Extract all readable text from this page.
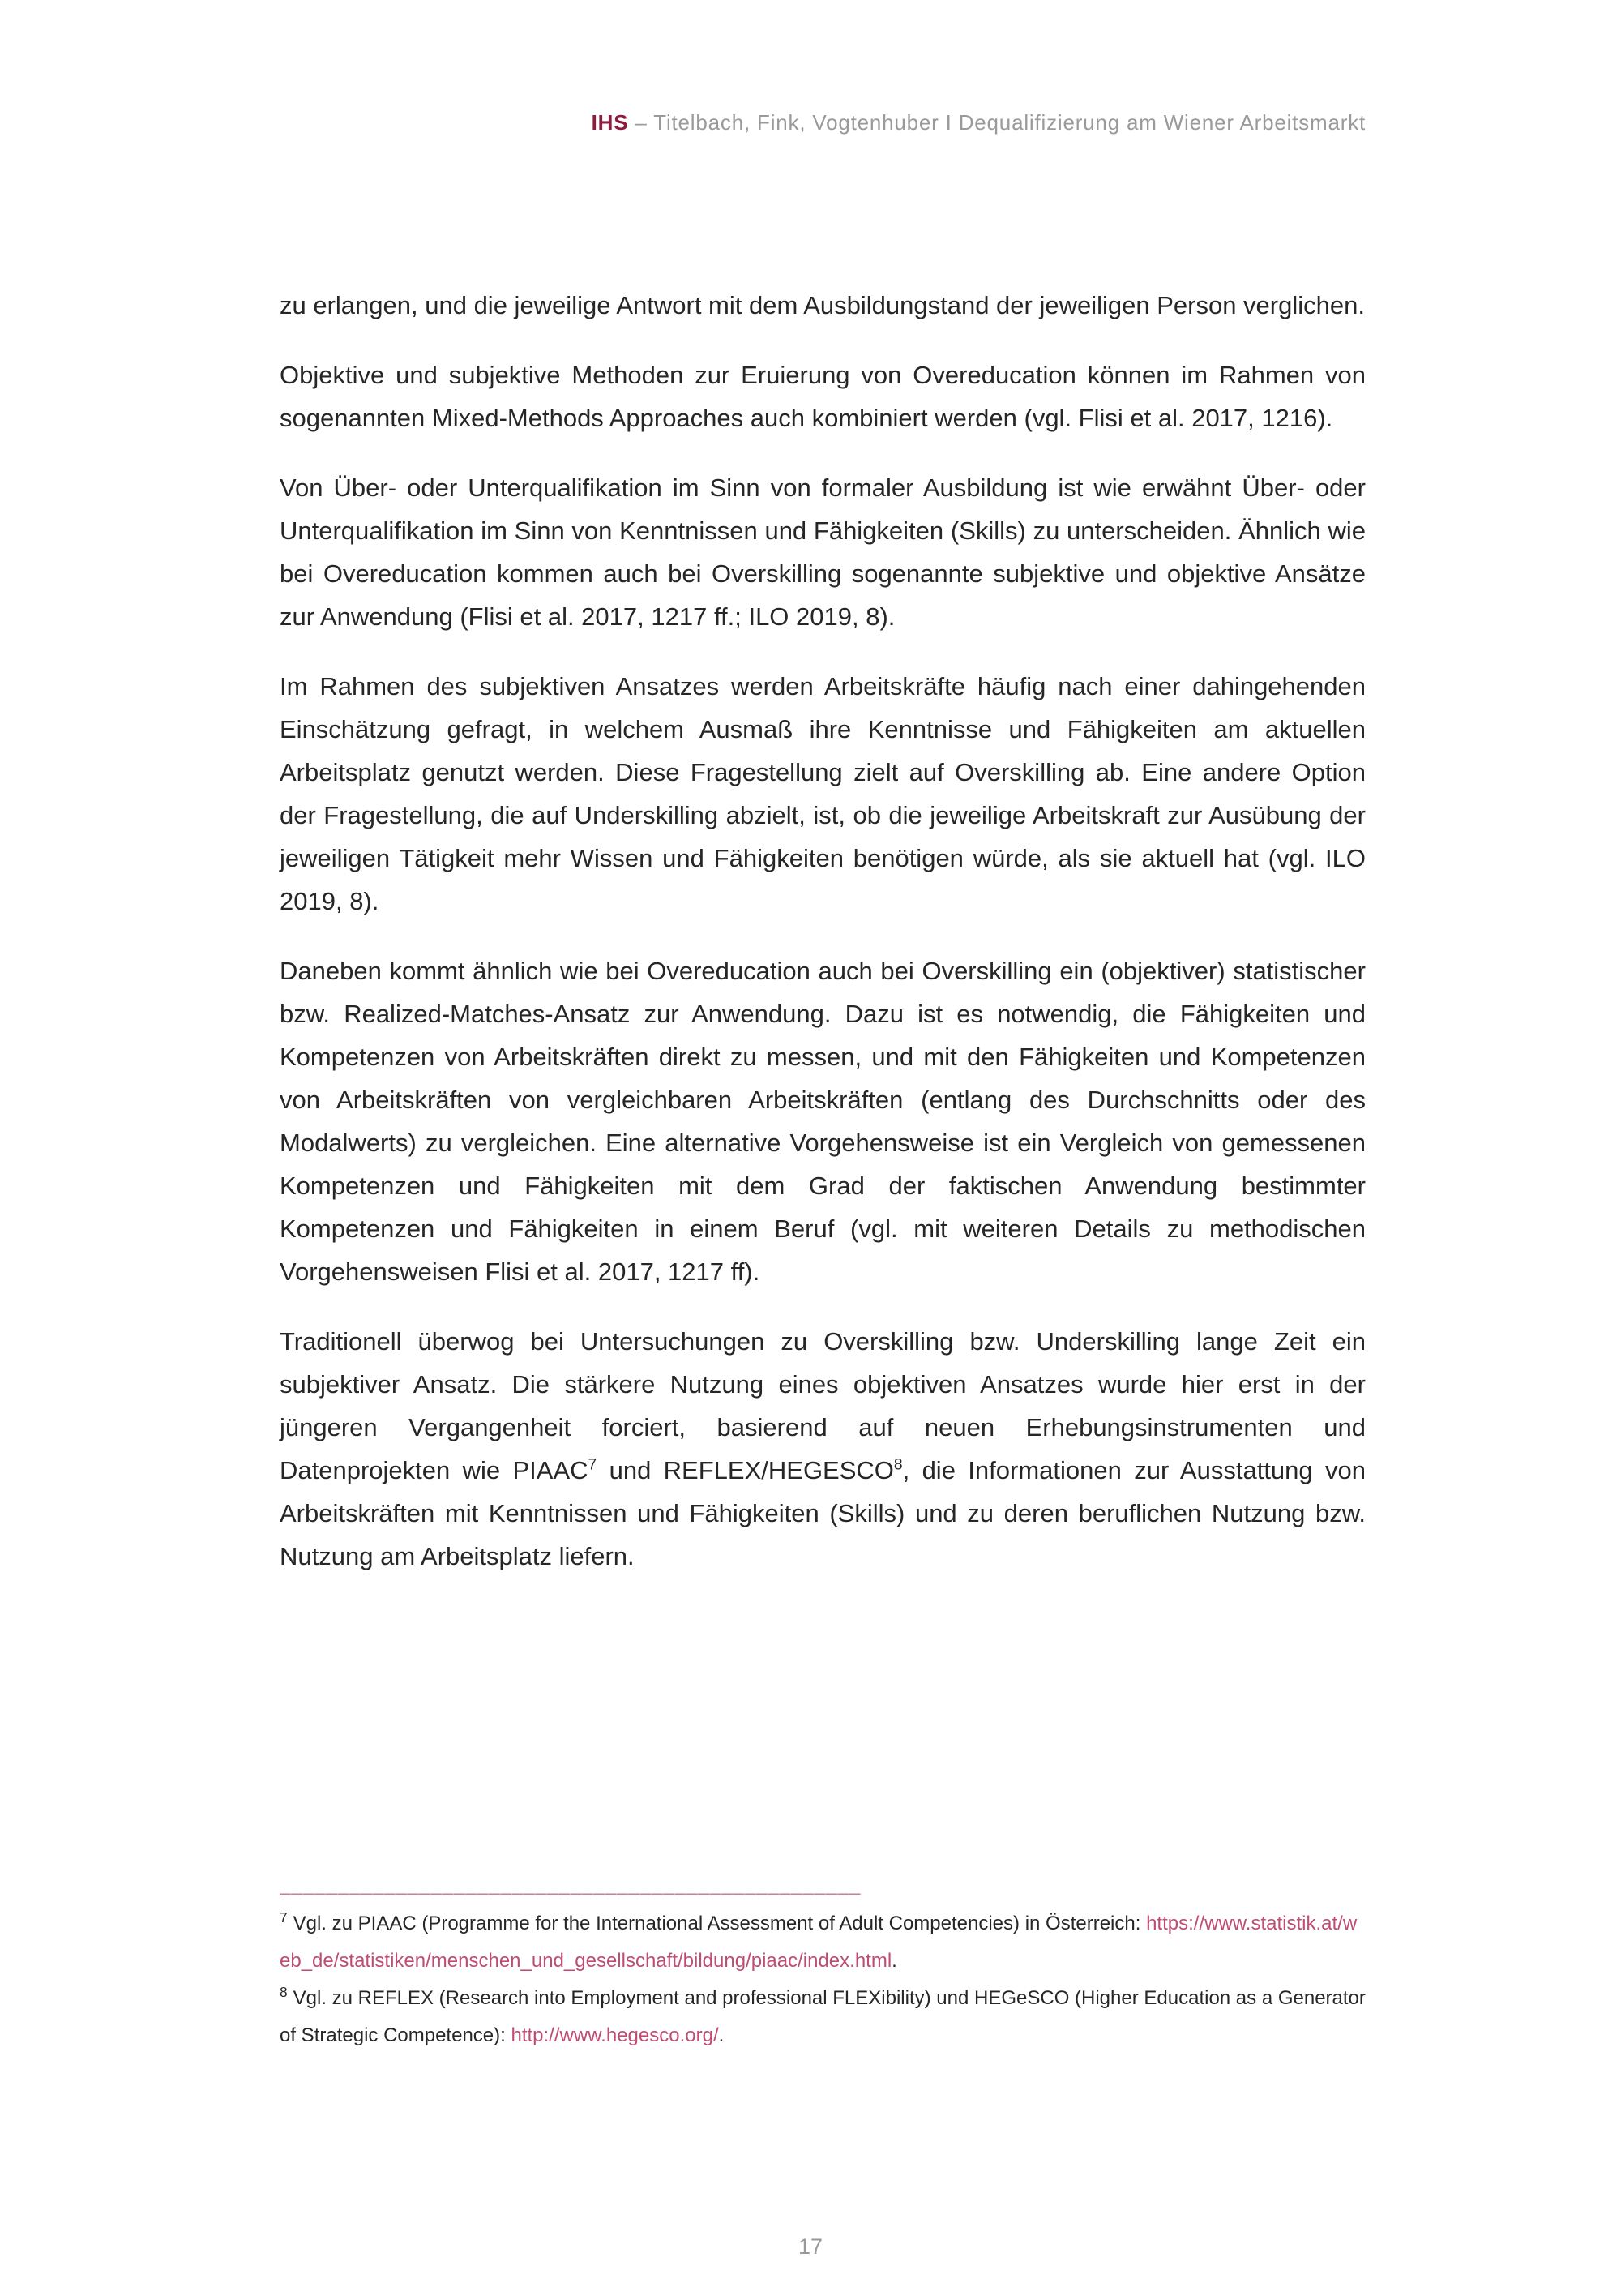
IHS – Titelbach, Fink, Vogtenhuber I Dequalifizierung am Wiener Arbeitsmarkt

zu erlangen, und die jeweilige Antwort mit dem Ausbildungstand der jeweiligen Person verglichen.

Objektive und subjektive Methoden zur Eruierung von Overeducation können im Rahmen von sogenannten Mixed-Methods Approaches auch kombiniert werden (vgl. Flisi et al. 2017, 1216).

Von Über- oder Unterqualifikation im Sinn von formaler Ausbildung ist wie erwähnt Über- oder Unterqualifikation im Sinn von Kenntnissen und Fähigkeiten (Skills) zu unterscheiden. Ähnlich wie bei Overeducation kommen auch bei Overskilling sogenannte subjektive und objektive Ansätze zur Anwendung (Flisi et al. 2017, 1217 ff.; ILO 2019, 8).

Im Rahmen des subjektiven Ansatzes werden Arbeitskräfte häufig nach einer dahingehenden Einschätzung gefragt, in welchem Ausmaß ihre Kenntnisse und Fähigkeiten am aktuellen Arbeitsplatz genutzt werden. Diese Fragestellung zielt auf Overskilling ab. Eine andere Option der Fragestellung, die auf Underskilling abzielt, ist, ob die jeweilige Arbeitskraft zur Ausübung der jeweiligen Tätigkeit mehr Wissen und Fähigkeiten benötigen würde, als sie aktuell hat (vgl. ILO 2019, 8).

Daneben kommt ähnlich wie bei Overeducation auch bei Overskilling ein (objektiver) statistischer bzw. Realized-Matches-Ansatz zur Anwendung. Dazu ist es notwendig, die Fähigkeiten und Kompetenzen von Arbeitskräften direkt zu messen, und mit den Fähigkeiten und Kompetenzen von Arbeitskräften von vergleichbaren Arbeitskräften (entlang des Durchschnitts oder des Modalwerts) zu vergleichen. Eine alternative Vorgehensweise ist ein Vergleich von gemessenen Kompetenzen und Fähigkeiten mit dem Grad der faktischen Anwendung bestimmter Kompetenzen und Fähigkeiten in einem Beruf (vgl. mit weiteren Details zu methodischen Vorgehensweisen Flisi et al. 2017, 1217 ff).

Traditionell überwog bei Untersuchungen zu Overskilling bzw. Underskilling lange Zeit ein subjektiver Ansatz. Die stärkere Nutzung eines objektiven Ansatzes wurde hier erst in der jüngeren Vergangenheit forciert, basierend auf neuen Erhebungsinstrumenten und Datenprojekten wie PIAAC$^7$ und REFLEX/HEGESCO$^8$, die Informationen zur Ausstattung von Arbeitskräften mit Kenntnissen und Fähigkeiten (Skills) und zu deren beruflichen Nutzung bzw. Nutzung am Arbeitsplatz liefern.

__________________________________________________
$^7$ Vgl. zu PIAAC (Programme for the International Assessment of Adult Competencies) in Österreich: https://www.statistik.at/web_de/statistiken/menschen_und_gesellschaft/bildung/piaac/index.html.
$^8$ Vgl. zu REFLEX (Research into Employment and professional FLEXibility) und HEGeSCO (Higher Education as a Generator of Strategic Competence): http://www.hegesco.org/.
17
